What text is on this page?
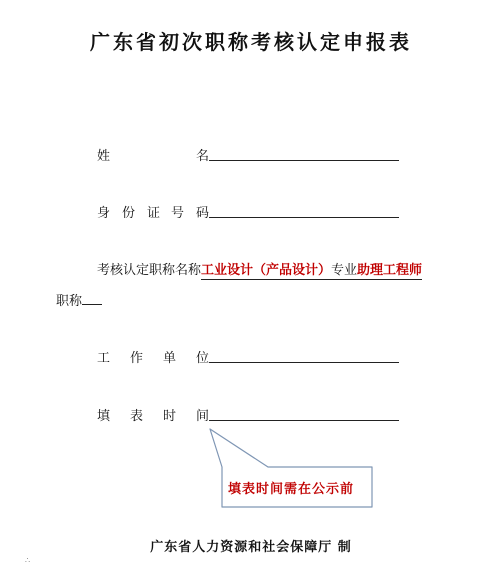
广东省初次职称考核认定申报表
姓	名
身 份 证 号 码
考核认定职称名称工业设计（产品设计）专业助理工程师
职称
工 作 单 位
填 表 时 间
填表时间需在公示前
广东省人力资源和社会保障厅 制
∴
